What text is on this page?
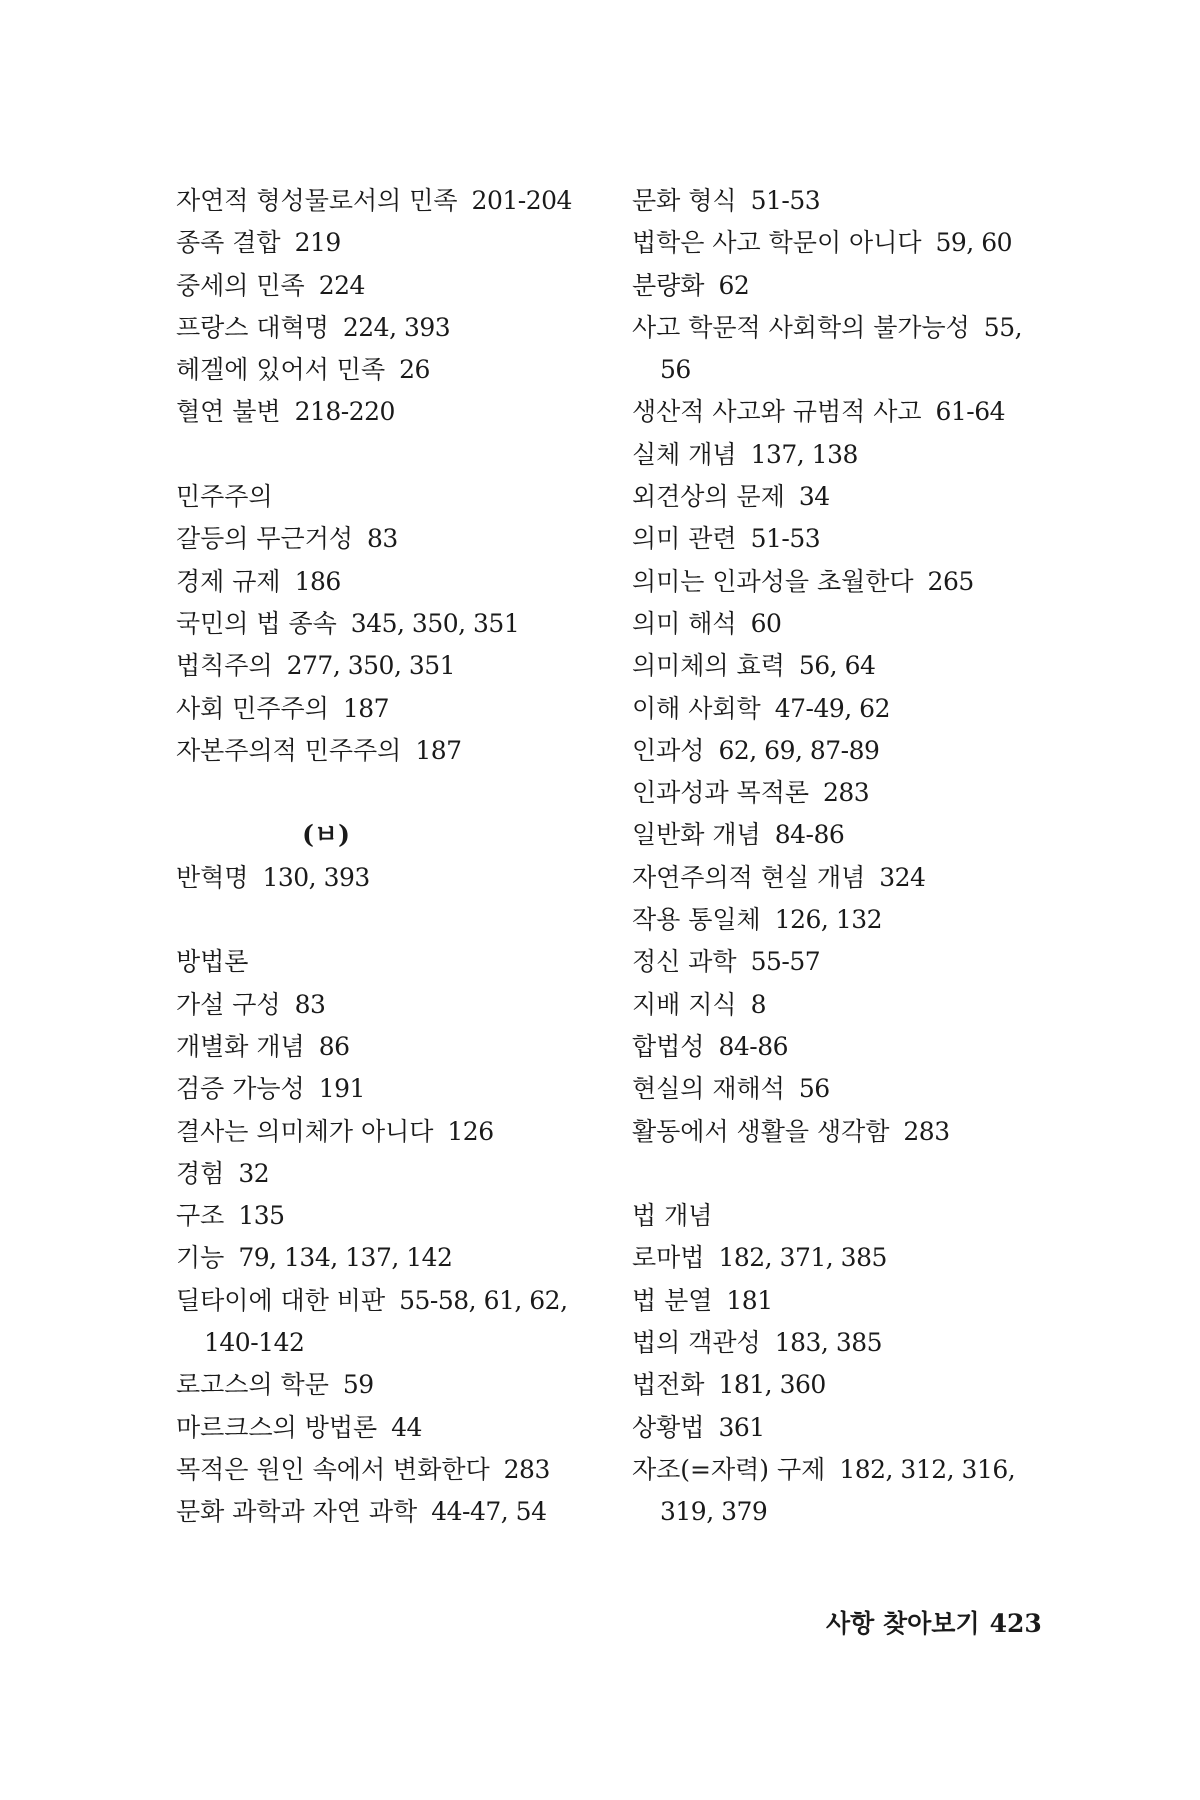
자연적 형성물로서의 민족 201-204
종족 결합 219
중세의 민족 224
프랑스 대혁명 224, 393
헤겔에 있어서 민족 26
혈연 불변 218-220
민주주의
갈등의 무근거성 83
경제 규제 186
국민의 법 종속 345, 350, 351
법칙주의 277, 350, 351
사회 민주주의 187
자본주의적 민주주의 187
(ㅂ)
반혁명 130, 393
방법론
가설 구성 83
개별화 개념 86
검증 가능성 191
결사는 의미체가 아니다 126
경험 32
구조 135
기능 79, 134, 137, 142
딜타이에 대한 비판 55-58, 61, 62,
140-142
로고스의 학문 59
마르크스의 방법론 44
목적은 원인 속에서 변화한다 283
문화 과학과 자연 과학 44-47, 54
문화 형식 51-53
법학은 사고 학문이 아니다 59, 60
분량화 62
사고 학문적 사회학의 불가능성 55,
56
생산적 사고와 규범적 사고 61-64
실체 개념 137, 138
외견상의 문제 34
의미 관련 51-53
의미는 인과성을 초월한다 265
의미 해석 60
의미체의 효력 56, 64
이해 사회학 47-49, 62
인과성 62, 69, 87-89
인과성과 목적론 283
일반화 개념 84-86
자연주의적 현실 개념 324
작용 통일체 126, 132
정신 과학 55-57
지배 지식 8
합법성 84-86
현실의 재해석 56
활동에서 생활을 생각함 283
법 개념
로마법 182, 371, 385
법 분열 181
법의 객관성 183, 385
법전화 181, 360
상황법 361
자조(=자력) 구제 182, 312, 316,
319, 379
사항 찾아보기 423
